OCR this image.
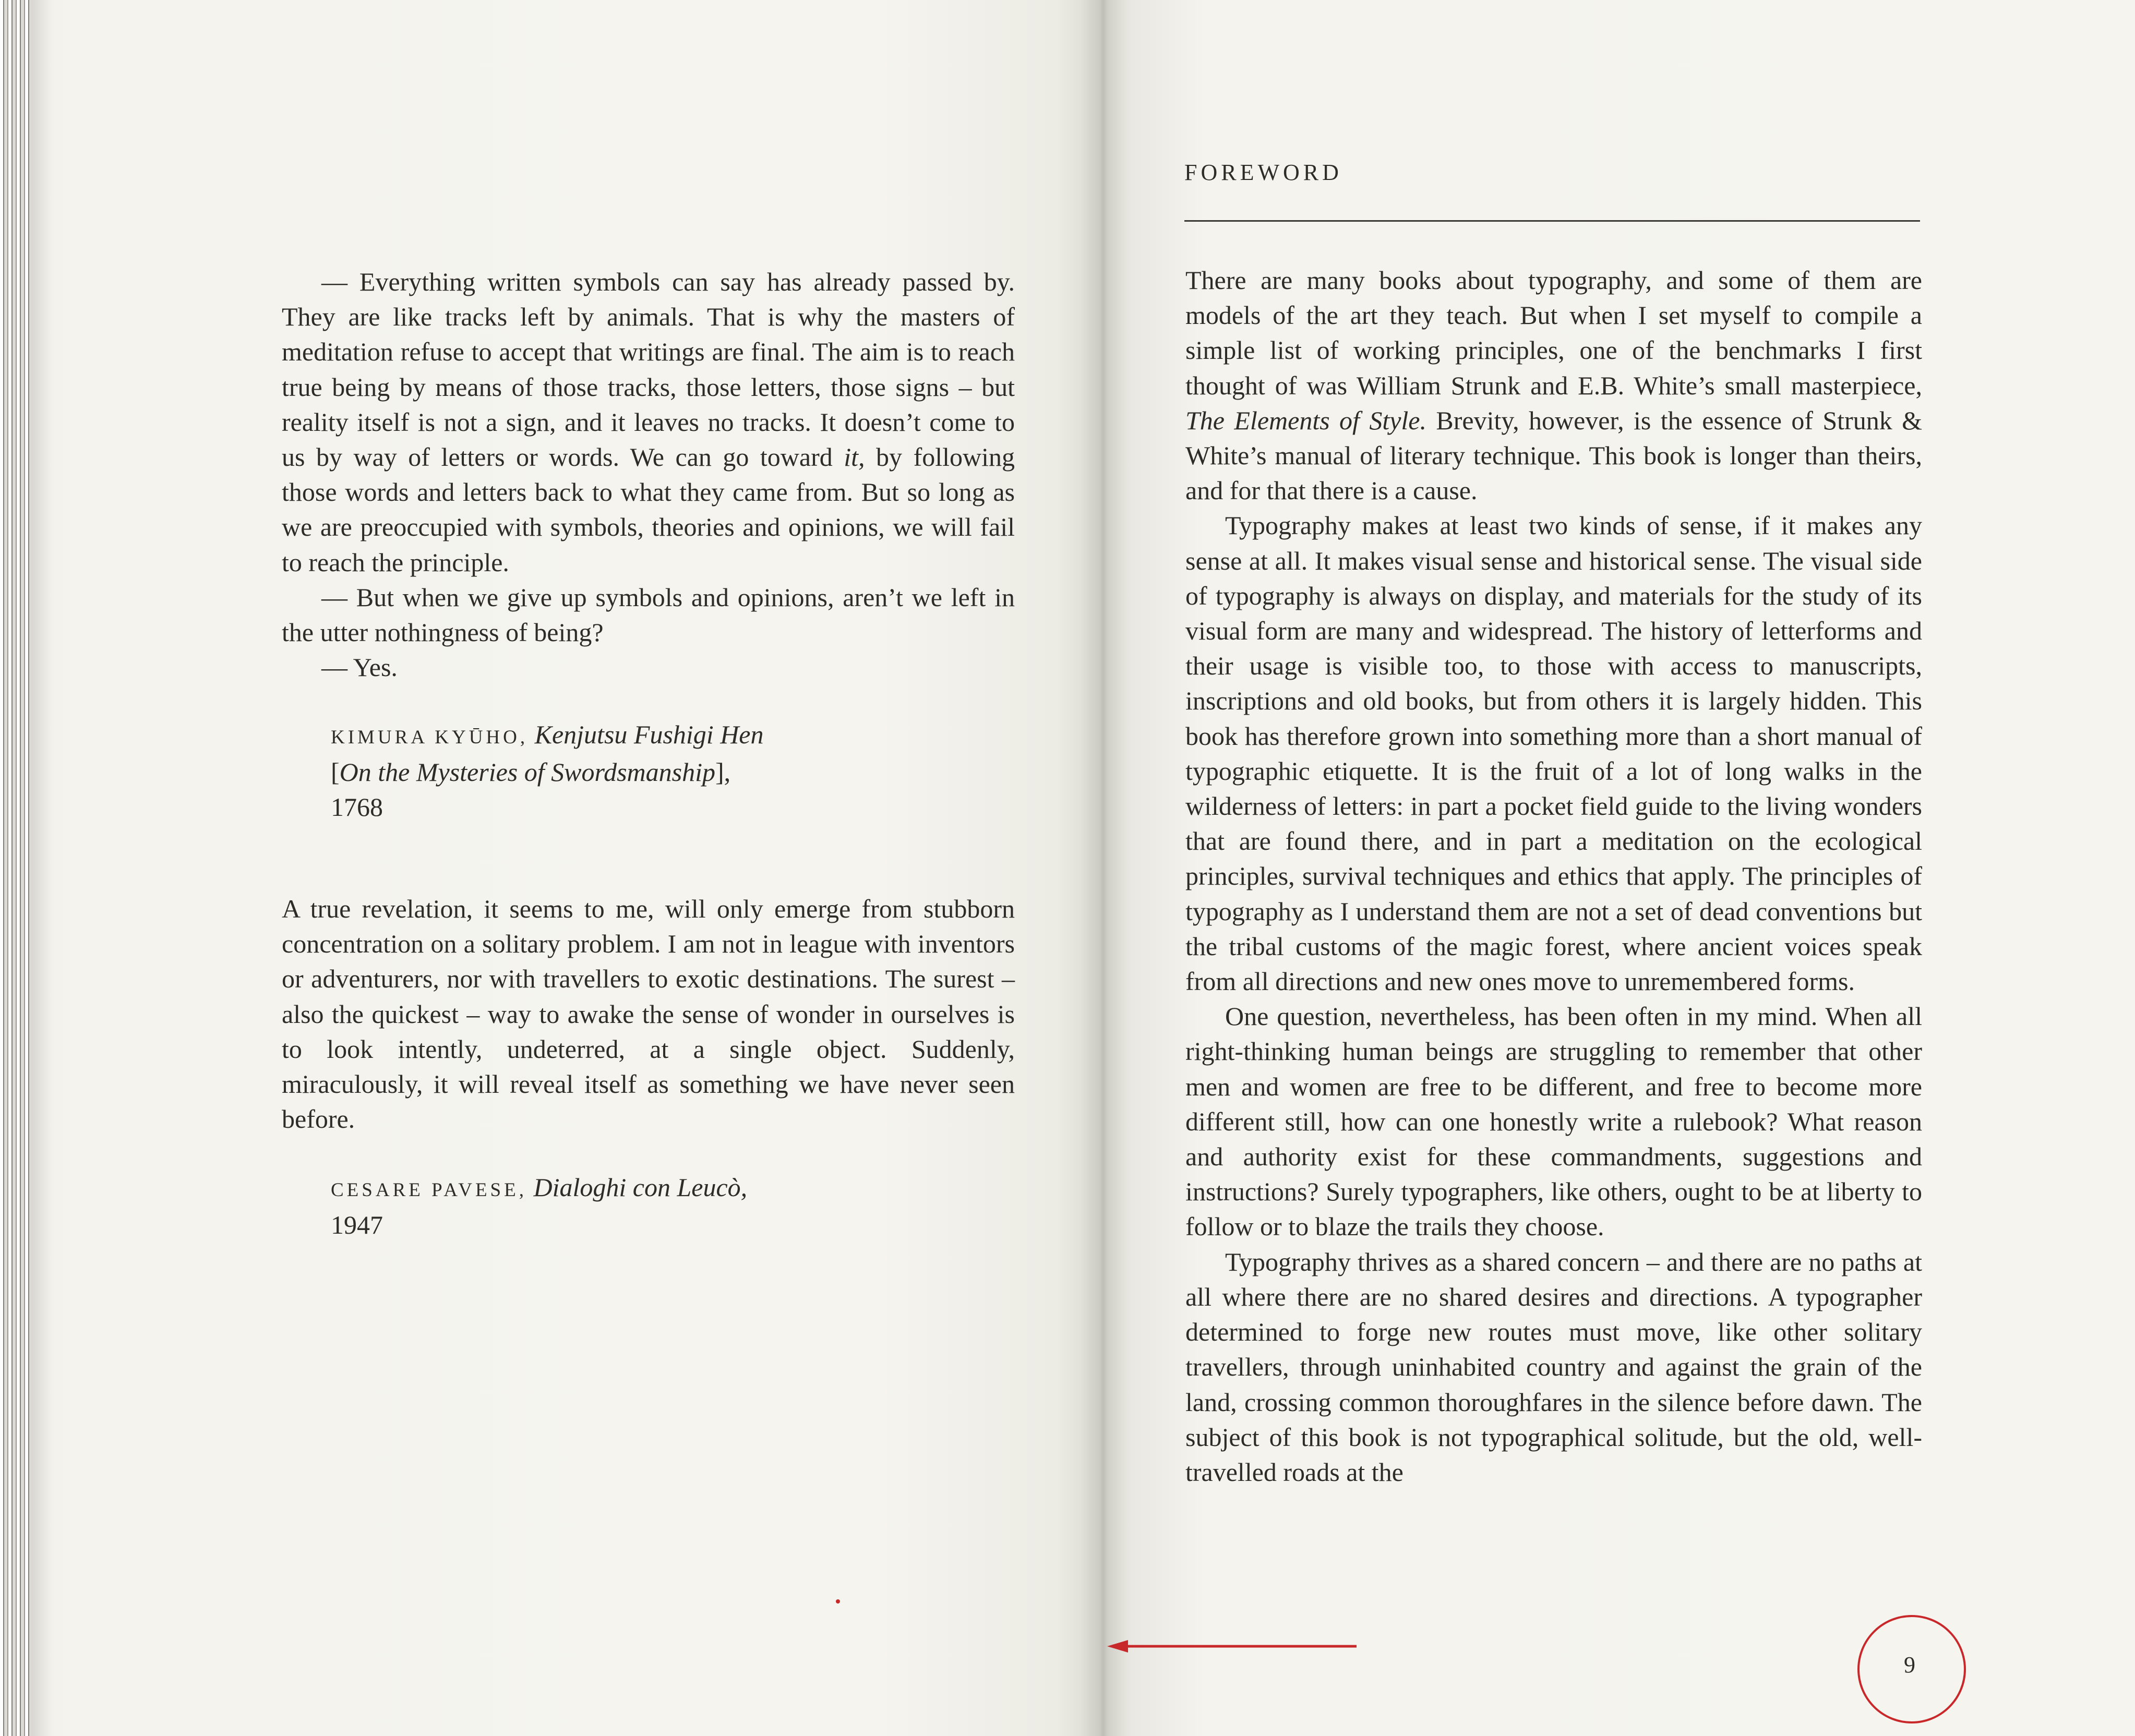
— Everything written symbols can say has already passed by. They are like tracks left by animals. That is why the masters of meditation refuse to accept that writings are final. The aim is to reach true being by means of those tracks, those letters, those signs – but reality itself is not a sign, and it leaves no tracks. It doesn’t come to us by way of letters or words. We can go toward it, by following those words and letters back to what they came from. But so long as we are preoccupied with symbols, theories and opinions, we will fail to reach the principle.

— But when we give up symbols and opinions, aren’t we left in the utter nothingness of being?

— Yes.

KIMURA KYŪHO, Kenjutsu Fushigi Hen
[On the Mysteries of Swordsmanship],
1768

A true revelation, it seems to me, will only emerge from stubborn concentration on a solitary problem. I am not in league with inventors or adventurers, nor with travellers to exotic destinations. The surest – also the quickest – way to awake the sense of wonder in ourselves is to look intently, undeterred, at a single object. Suddenly, miraculously, it will reveal itself as something we have never seen before.

CESARE PAVESE, Dialoghi con Leucò,
1947
FOREWORD

There are many books about typography, and some of them are models of the art they teach. But when I set myself to compile a simple list of working principles, one of the benchmarks I first thought of was William Strunk and E.B. White’s small masterpiece, The Elements of Style. Brevity, however, is the essence of Strunk & White’s manual of literary technique. This book is longer than theirs, and for that there is a cause.

Typography makes at least two kinds of sense, if it makes any sense at all. It makes visual sense and historical sense. The visual side of typography is always on display, and materials for the study of its visual form are many and widespread. The history of letterforms and their usage is visible too, to those with access to manuscripts, inscriptions and old books, but from others it is largely hidden. This book has therefore grown into something more than a short manual of typographic etiquette. It is the fruit of a lot of long walks in the wilderness of letters: in part a pocket field guide to the living wonders that are found there, and in part a meditation on the ecological principles, survival techniques and ethics that apply. The principles of typography as I understand them are not a set of dead conventions but the tribal customs of the magic forest, where ancient voices speak from all directions and new ones move to unremembered forms.

One question, nevertheless, has been often in my mind. When all right-thinking human beings are struggling to remember that other men and women are free to be different, and free to become more different still, how can one honestly write a rulebook? What reason and authority exist for these commandments, suggestions and instructions? Surely typographers, like others, ought to be at liberty to follow or to blaze the trails they choose.

Typography thrives as a shared concern – and there are no paths at all where there are no shared desires and directions. A typographer determined to forge new routes must move, like other solitary travellers, through uninhabited country and against the grain of the land, crossing common thoroughfares in the silence before dawn. The subject of this book is not typographical solitude, but the old, well-travelled roads at the

9
